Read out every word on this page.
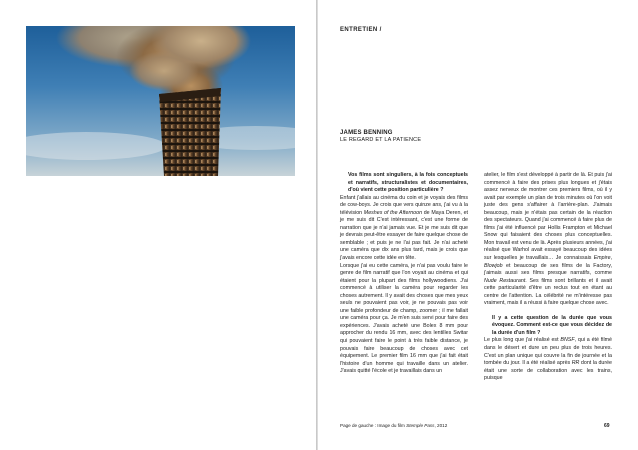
ENTRETIEN /

JAMES BENNING

LE REGARD ET LA PATIENCE

Vos films sont singuliers, à la fois conceptuels et narratifs, structuralistes et documentaires, d'où vient cette position particulière ?

Enfant j'allais au cinéma du coin et je voyais des films de cow-boys. Je crois que vers quinze ans, j'ai vu à la télévision Meshes of the Afternoon de Maya Deren, et je me suis dit C'est intéressant, c'est une forme de narration que je n'ai jamais vue. Et je me suis dit que je devrais peut-être essayer de faire quelque chose de semblable ; et puis je ne l'ai pas fait. Je n'ai acheté une caméra que dix ans plus tard, mais je crois que j'avais encore cette idée en tête.

Lorsque j'ai eu cette caméra, je n'ai pas voulu faire le genre de film narratif que l'on voyait au cinéma et qui étaient pour la plupart des films hollywoodiens. J'ai commencé à utiliser la caméra pour regarder les choses autrement. Il y avait des choses que mes yeux seuls ne pouvaient pas voir, je ne pouvais pas voir une faible profondeur de champ, zoomer ; il me fallait une caméra pour ça. Je m'en suis servi pour faire des expériences. J'avais acheté une Bolex 8 mm pour approcher du rendu 16 mm, avec des lentilles Switar qui pouvaient faire le point à très faible distance, je pouvais faire beaucoup de choses avec cet équipement. Le premier film 16 mm que j'ai fait était l'histoire d'un homme qui travaille dans un atelier. J'avais quitté l'école et je travaillais dans un

atelier, le film s'est développé à partir de là. Et puis j'ai commencé à faire des prises plus longues et j'étais assez nerveux de montrer ces premiers films, où il y avait par exemple un plan de trois minutes où l'on voit juste des gens s'affairer à l'arrière-plan. J'aimais beaucoup, mais je n'étais pas certain de la réaction des spectateurs. Quand j'ai commencé à faire plus de films j'ai été influencé par Hollis Frampton et Michael Snow qui faisaient des choses plus conceptuelles. Mon travail est venu de là. Après plusieurs années, j'ai réalisé que Warhol avait essayé beaucoup des idées sur lesquelles je travaillais… Je connaissais Empire, Blowjob et beaucoup de ses films de la Factory, j'aimais aussi ses films presque narratifs, comme Nude Restaurant. Ses films sont brillants et il avait cette particularité d'être un reclus tout en étant au centre de l'attention. La célébrité ne m'intéresse pas vraiment, mais il a réussi à faire quelque chose avec.

Il y a cette question de la durée que vous évoquez. Comment est-ce que vous décidez de la durée d'un film ?

Le plus long que j'ai réalisé est BNSF, qui a été filmé dans le désert et dure un peu plus de trois heures. C'est un plan unique qui couvre la fin de journée et la tombée du jour. Il a été réalisé après RR dont la durée était une sorte de collaboration avec les trains, puisque

Page de gauche : Image du film Stemple Pass, 2012	69
